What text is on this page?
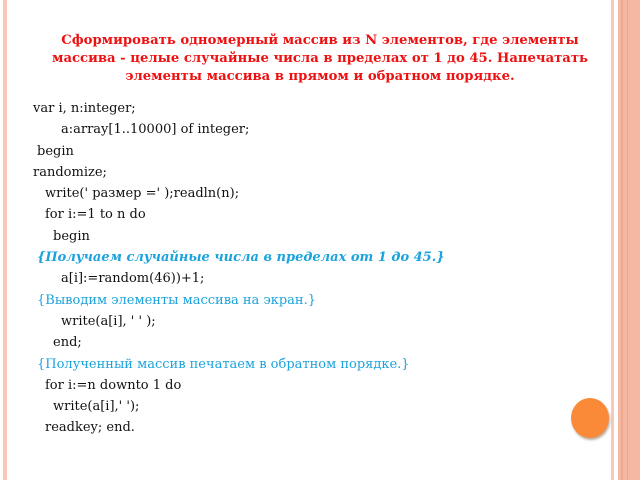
Сформировать одномерный массив из N элементов, где элементы массива - целые случайные числа в пределах от 1 до 45. Напечатать элементы массива в прямом и обратном порядке.
var i, n:integer;
a:array[1..10000] of integer;
begin
randomize;
write(' размер =' );readln(n);
for i:=1 to n do
begin
{Получаем случайные числа в пределах от 1 до 45.}
a[i]:=random(46))+1;
{Выводим элементы массива на экран.}
write(a[i], ' ' );
end;
{Полученный массив печатаем в обратном порядке.}
for i:=n downto 1 do
write(a[i],' ');
readkey; end.
